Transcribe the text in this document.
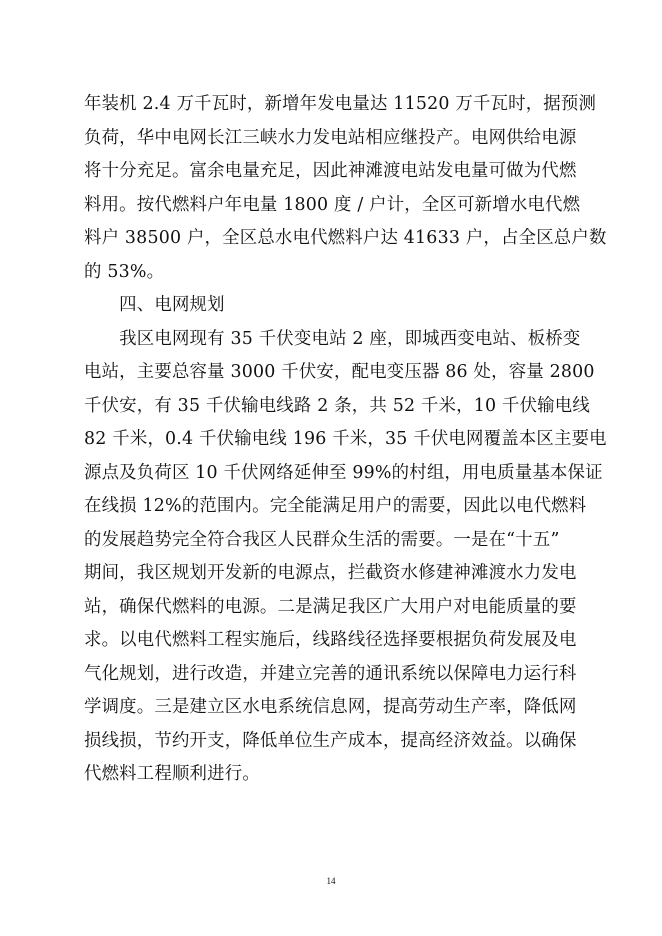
年装机 2.4 万千瓦时，新增年发电量达 11520 万千瓦时，据预测
负荷，华中电网长江三峡水力发电站相应继投产。电网供给电源
将十分充足。富余电量充足，因此神滩渡电站发电量可做为代燃
料用。按代燃料户年电量 1800 度 / 户计，全区可新增水电代燃
料户 38500 户，全区总水电代燃料户达 41633 户，占全区总户数
的 53%。
　　四、电网规划
　　我区电网现有 35 千伏变电站 2 座，即城西变电站、板桥变
电站，主要总容量 3000 千伏安，配电变压器 86 处，容量 2800
千伏安，有 35 千伏输电线路 2 条，共 52 千米，10 千伏输电线
82 千米，0.4 千伏输电线 196 千米，35 千伏电网覆盖本区主要电
源点及负荷区 10 千伏网络延伸至 99%的村组，用电质量基本保证
在线损 12%的范围内。完全能满足用户的需要，因此以电代燃料
的发展趋势完全符合我区人民群众生活的需要。一是在“十五”
期间，我区规划开发新的电源点，拦截资水修建神滩渡水力发电
站，确保代燃料的电源。二是满足我区广大用户对电能质量的要
求。以电代燃料工程实施后，线路线径选择要根据负荷发展及电
气化规划，进行改造，并建立完善的通讯系统以保障电力运行科
学调度。三是建立区水电系统信息网，提高劳动生产率，降低网
损线损，节约开支，降低单位生产成本，提高经济效益。以确保
代燃料工程顺利进行。
14
